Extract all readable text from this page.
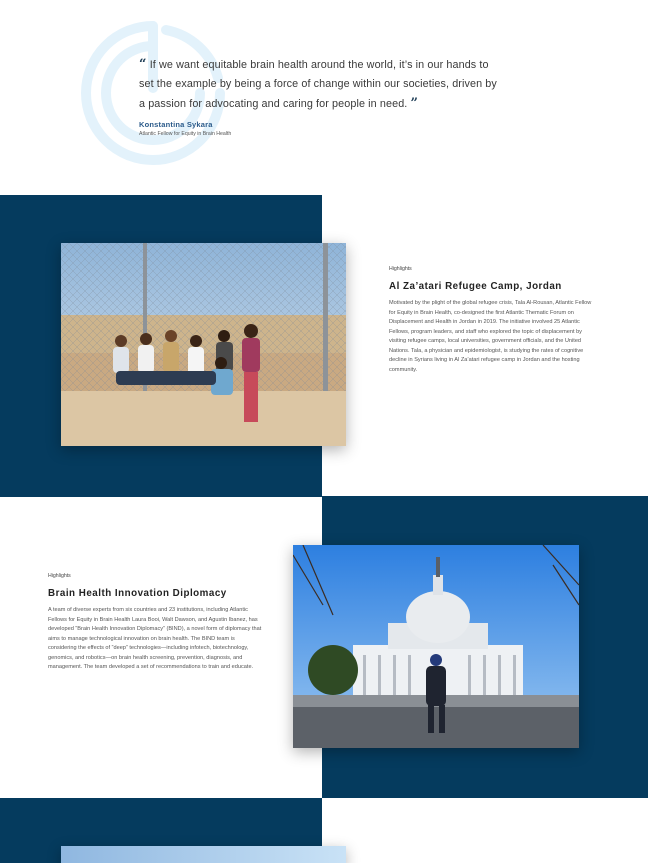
“ If we want equitable brain health around the world, it’s in our hands to set the example by being a force of change within our societies, driven by a passion for advocating and caring for people in need. ”

Konstantina Sykara
Atlantic Fellow for Equity in Brain Health
Highlights
Al Za’atari Refugee Camp, Jordan

Motivated by the plight of the global refugee crisis, Tala Al-Rousan, Atlantic Fellow for Equity in Brain Health, co-designed the first Atlantic Thematic Forum on Displacement and Health in Jordan in 2019. The initiative involved 25 Atlantic Fellows, program leaders, and staff who explored the topic of displacement by visiting refugee camps, local universities, government officials, and the United Nations. Tala, a physician and epidemiologist, is studying the rates of cognitive decline in Syrians living in Al Za’atari refugee camp in Jordan and the hosting community.

Highlights
Brain Health Innovation Diplomacy

A team of diverse experts from six countries and 23 institutions, including Atlantic Fellows for Equity in Brain Health Laura Booi, Walt Dawson, and Agustin Ibanez, has developed “Brain Health Innovation Diplomacy” (BIND), a novel form of diplomacy that aims to manage technological innovation on brain health. The BIND team is considering the effects of “deep” technologies—including infotech, biotechnology, genomics, and robotics—on brain health screening, prevention, diagnosis, and management. The team developed a set of recommendations to train and educate.
